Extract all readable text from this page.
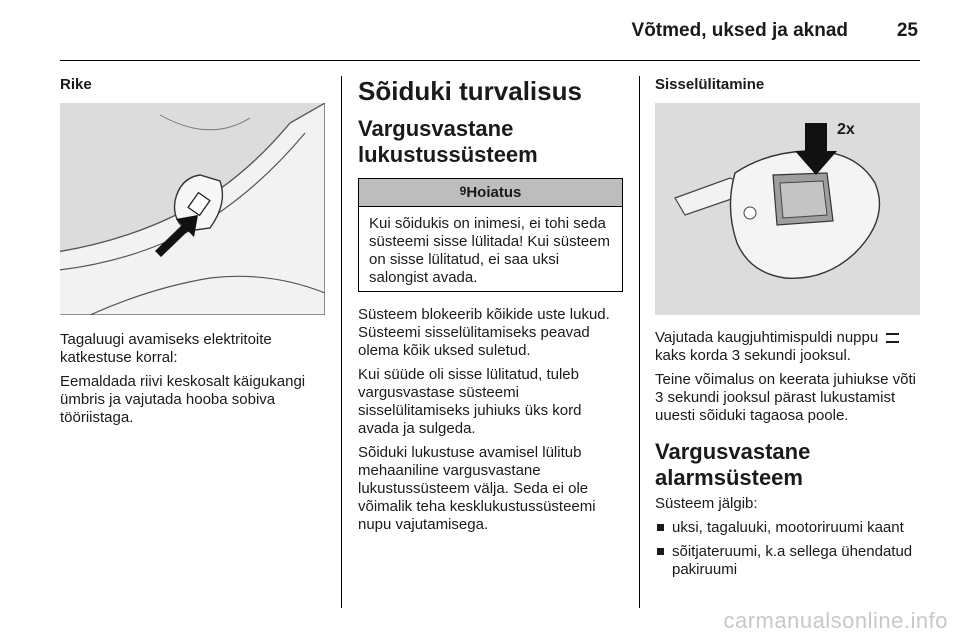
Võtmed, uksed ja aknad	25
Rike

Tagaluugi avamiseks elektritoite katkestuse korral:

Eemaldada riivi keskosalt käigukangi ümbris ja vajutada hooba sobiva tööriistaga.

Sõiduki turvalisus
Vargusvastane lukustussüsteem
$^9$Hoiatus
Kui sõidukis on inimesi, ei tohi seda süsteemi sisse lülitada! Kui süsteem on sisse lülitatud, ei saa uksi salongist avada.

Süsteem blokeerib kõikide uste lukud. Süsteemi sisselülitamiseks peavad olema kõik uksed suletud.

Kui süüde oli sisse lülitatud, tuleb vargusvastase süsteemi sisselülitamiseks juhiuks üks kord avada ja sulgeda.

Sõiduki lukustuse avamisel lülitub mehaaniline vargusvastane lukustussüsteem välja. Seda ei ole võimalik teha kesklukustussüsteemi nupu vajutamisega.

Sisselülitamine
2x

Vajutada kaugjuhtimispuldi nuppu
kaks korda 3 sekundi jooksul.

Teine võimalus on keerata juhiukse võti 3 sekundi jooksul pärast lukustamist uuesti sõiduki tagaosa poole.

Vargusvastane alarmsüsteem

Süsteem jälgib:

uksi, tagaluuki, mootoriruumi kaant
sõitjateruumi, k.a sellega ühendatud pakiruumi
carmanualsonline.info
